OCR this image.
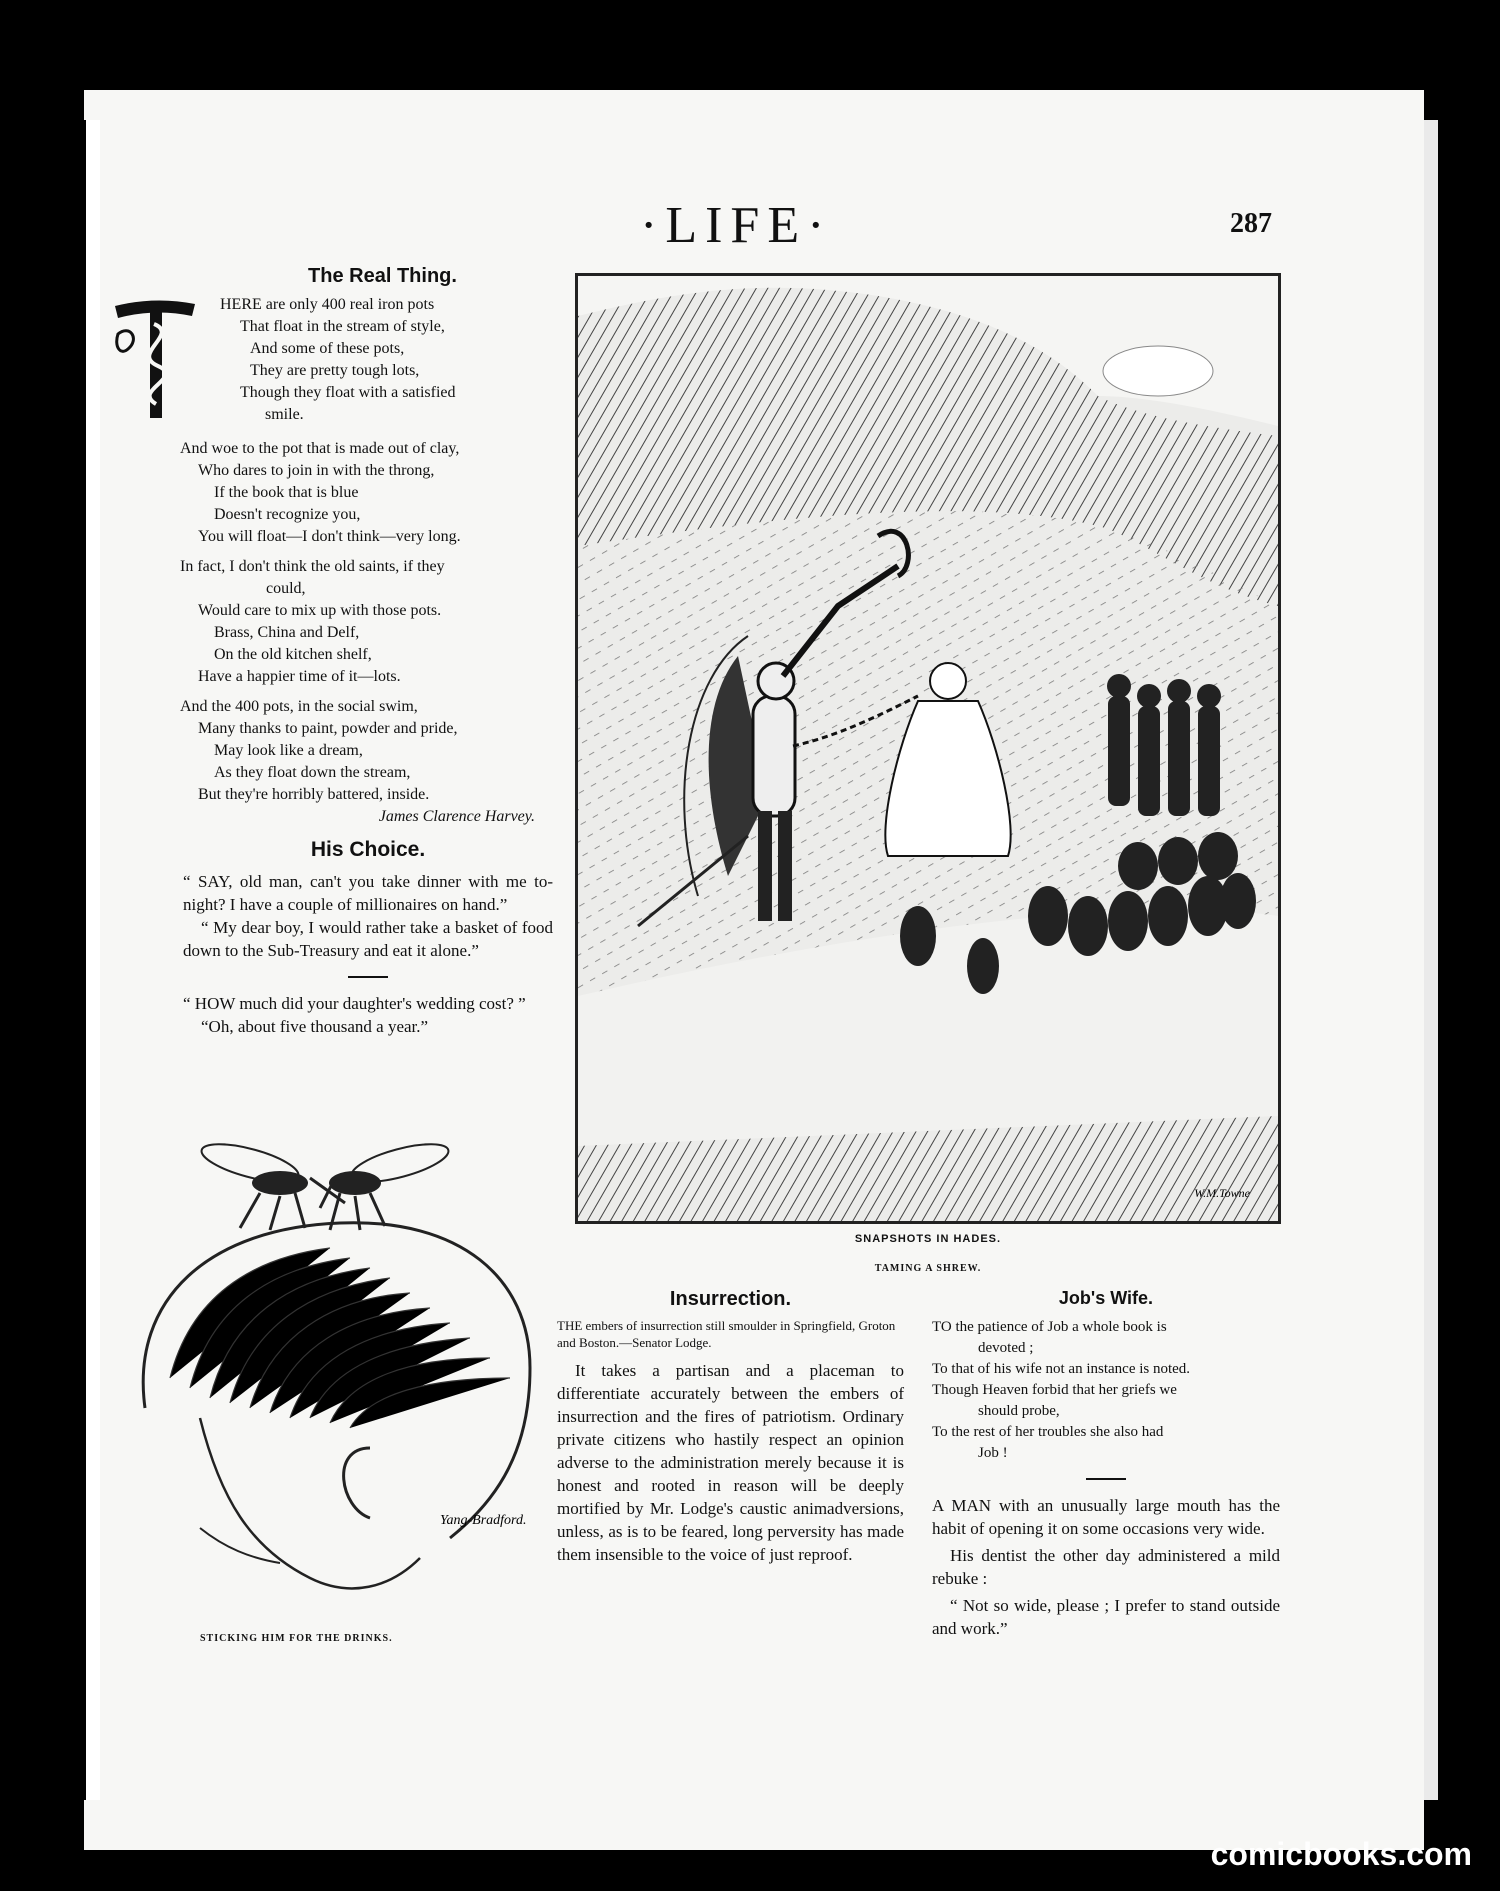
·LIFE·	287
The Real Thing.
HERE are only 400 real iron pots
That float in the stream of style,
And some of these pots,
They are pretty tough lots,
Though they float with a satisfied
smile.
And woe to the pot that is made out of clay,
Who dares to join in with the throng,
If the book that is blue
Doesn't recognize you,
You will float—I don't think—very long.
In fact, I don't think the old saints, if they
could,
Would care to mix up with those pots.
Brass, China and Delf,
On the old kitchen shelf,
Have a happier time of it—lots.
And the 400 pots, in the social swim,
Many thanks to paint, powder and pride,
May look like a dream,
As they float down the stream,
But they're horribly battered, inside.
James Clarence Harvey.
His Choice.

“ SAY, old man, can't you take dinner with me to-night? I have a couple of millionaires on hand.”

“ My dear boy, I would rather take a basket of food down to the Sub-Treasury and eat it alone.”

“ HOW much did your daughter's wedding cost? ”

“Oh, about five thousand a year.”

Yang-Bradford.
STICKING HIM FOR THE DRINKS.
W.M.Towne
SNAPSHOTS IN HADES.
TAMING A SHREW.
Insurrection.

THE embers of insurrection still smoulder in Springfield, Groton and Boston.—Senator Lodge.

It takes a partisan and a placeman to differentiate accurately between the embers of insurrection and the fires of patriotism. Ordinary private citizens who hastily respect an opinion adverse to the administration merely because it is honest and rooted in reason will be deeply mortified by Mr. Lodge's caustic animadversions, unless, as is to be feared, long perversity has made them insensible to the voice of just reproof.

Job's Wife.
TO the patience of Job a whole book is
devoted ;
To that of his wife not an instance is noted.
Though Heaven forbid that her griefs we
should probe,
To the rest of her troubles she also had
Job !

A MAN with an unusually large mouth has the habit of opening it on some occasions very wide.

His dentist the other day administered a mild rebuke :

“ Not so wide, please ; I prefer to stand outside and work.”

comicbooks.com
